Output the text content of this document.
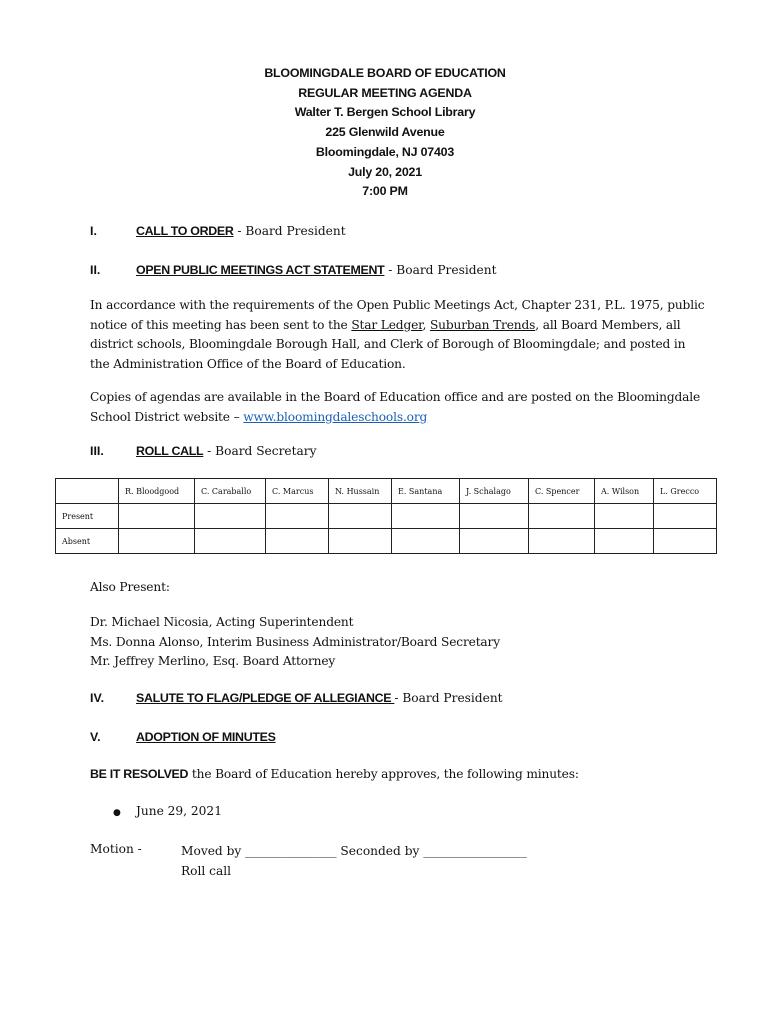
BLOOMINGDALE BOARD OF EDUCATION
REGULAR MEETING AGENDA
Walter T. Bergen School Library
225 Glenwild Avenue
Bloomingdale, NJ 07403
July 20, 2021
7:00 PM
I.	CALL TO ORDER - Board President
II.	OPEN PUBLIC MEETINGS ACT STATEMENT - Board President

In accordance with the requirements of the Open Public Meetings Act, Chapter 231, P.L. 1975, public

notice of this meeting has been sent to the Star Ledger, Suburban Trends, all Board Members, all

district schools, Bloomingdale Borough Hall, and Clerk of Borough of Bloomingdale; and posted in

the Administration Office of the Board of Education.

Copies of agendas are available in the Board of Education office and are posted on the Bloomingdale

School District website – www.bloomingdaleschools.org

III.	ROLL CALL - Board Secretary
	R. Bloodgood	C. Caraballo	C. Marcus	N. Hussain	E. Santana	J. Schalago	C. Spencer	A. Wilson	L. Grecco
Present									
Absent									
Also Present:

Dr. Michael Nicosia, Acting Superintendent

Ms. Donna Alonso, Interim Business Administrator/Board Secretary

Mr. Jeffrey Merlino, Esq. Board Attorney

IV.	SALUTE TO FLAG/PLEDGE OF ALLEGIANCE - Board President
V.	ADOPTION OF MINUTES
BE IT RESOLVED the Board of Education hereby approves, the following minutes:
● June 29, 2021
Motion -	Moved by _______________ Seconded by _________________
Roll call
